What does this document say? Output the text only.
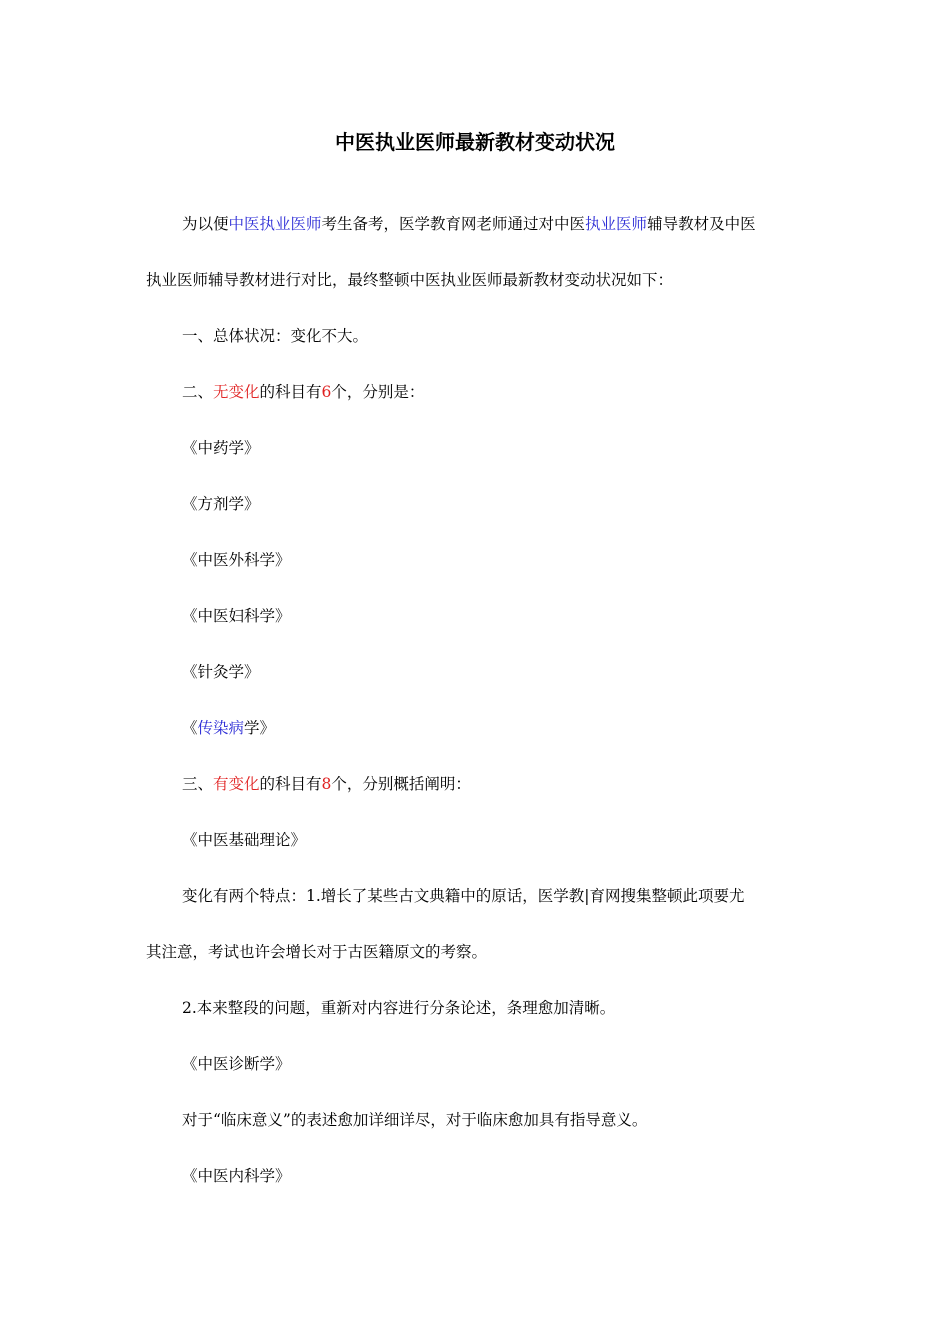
中医执业医师最新教材变动状况
为以便中医执业医师考生备考，医学教育网老师通过对中医执业医师辅导教材及中医
执业医师辅导教材进行对比，最终整顿中医执业医师最新教材变动状况如下：
一、总体状况：变化不大。
二、无变化的科目有6个，分别是：
《中药学》
《方剂学》
《中医外科学》
《中医妇科学》
《针灸学》
《传染病学》
三、有变化的科目有8个，分别概括阐明：
《中医基础理论》
变化有两个特点：1.增长了某些古文典籍中的原话，医学教|育网搜集整顿此项要尤
其注意，考试也许会增长对于古医籍原文的考察。
2.本来整段的问题，重新对内容进行分条论述，条理愈加清晰。
《中医诊断学》
对于“临床意义”的表述愈加详细详尽，对于临床愈加具有指导意义。
《中医内科学》
